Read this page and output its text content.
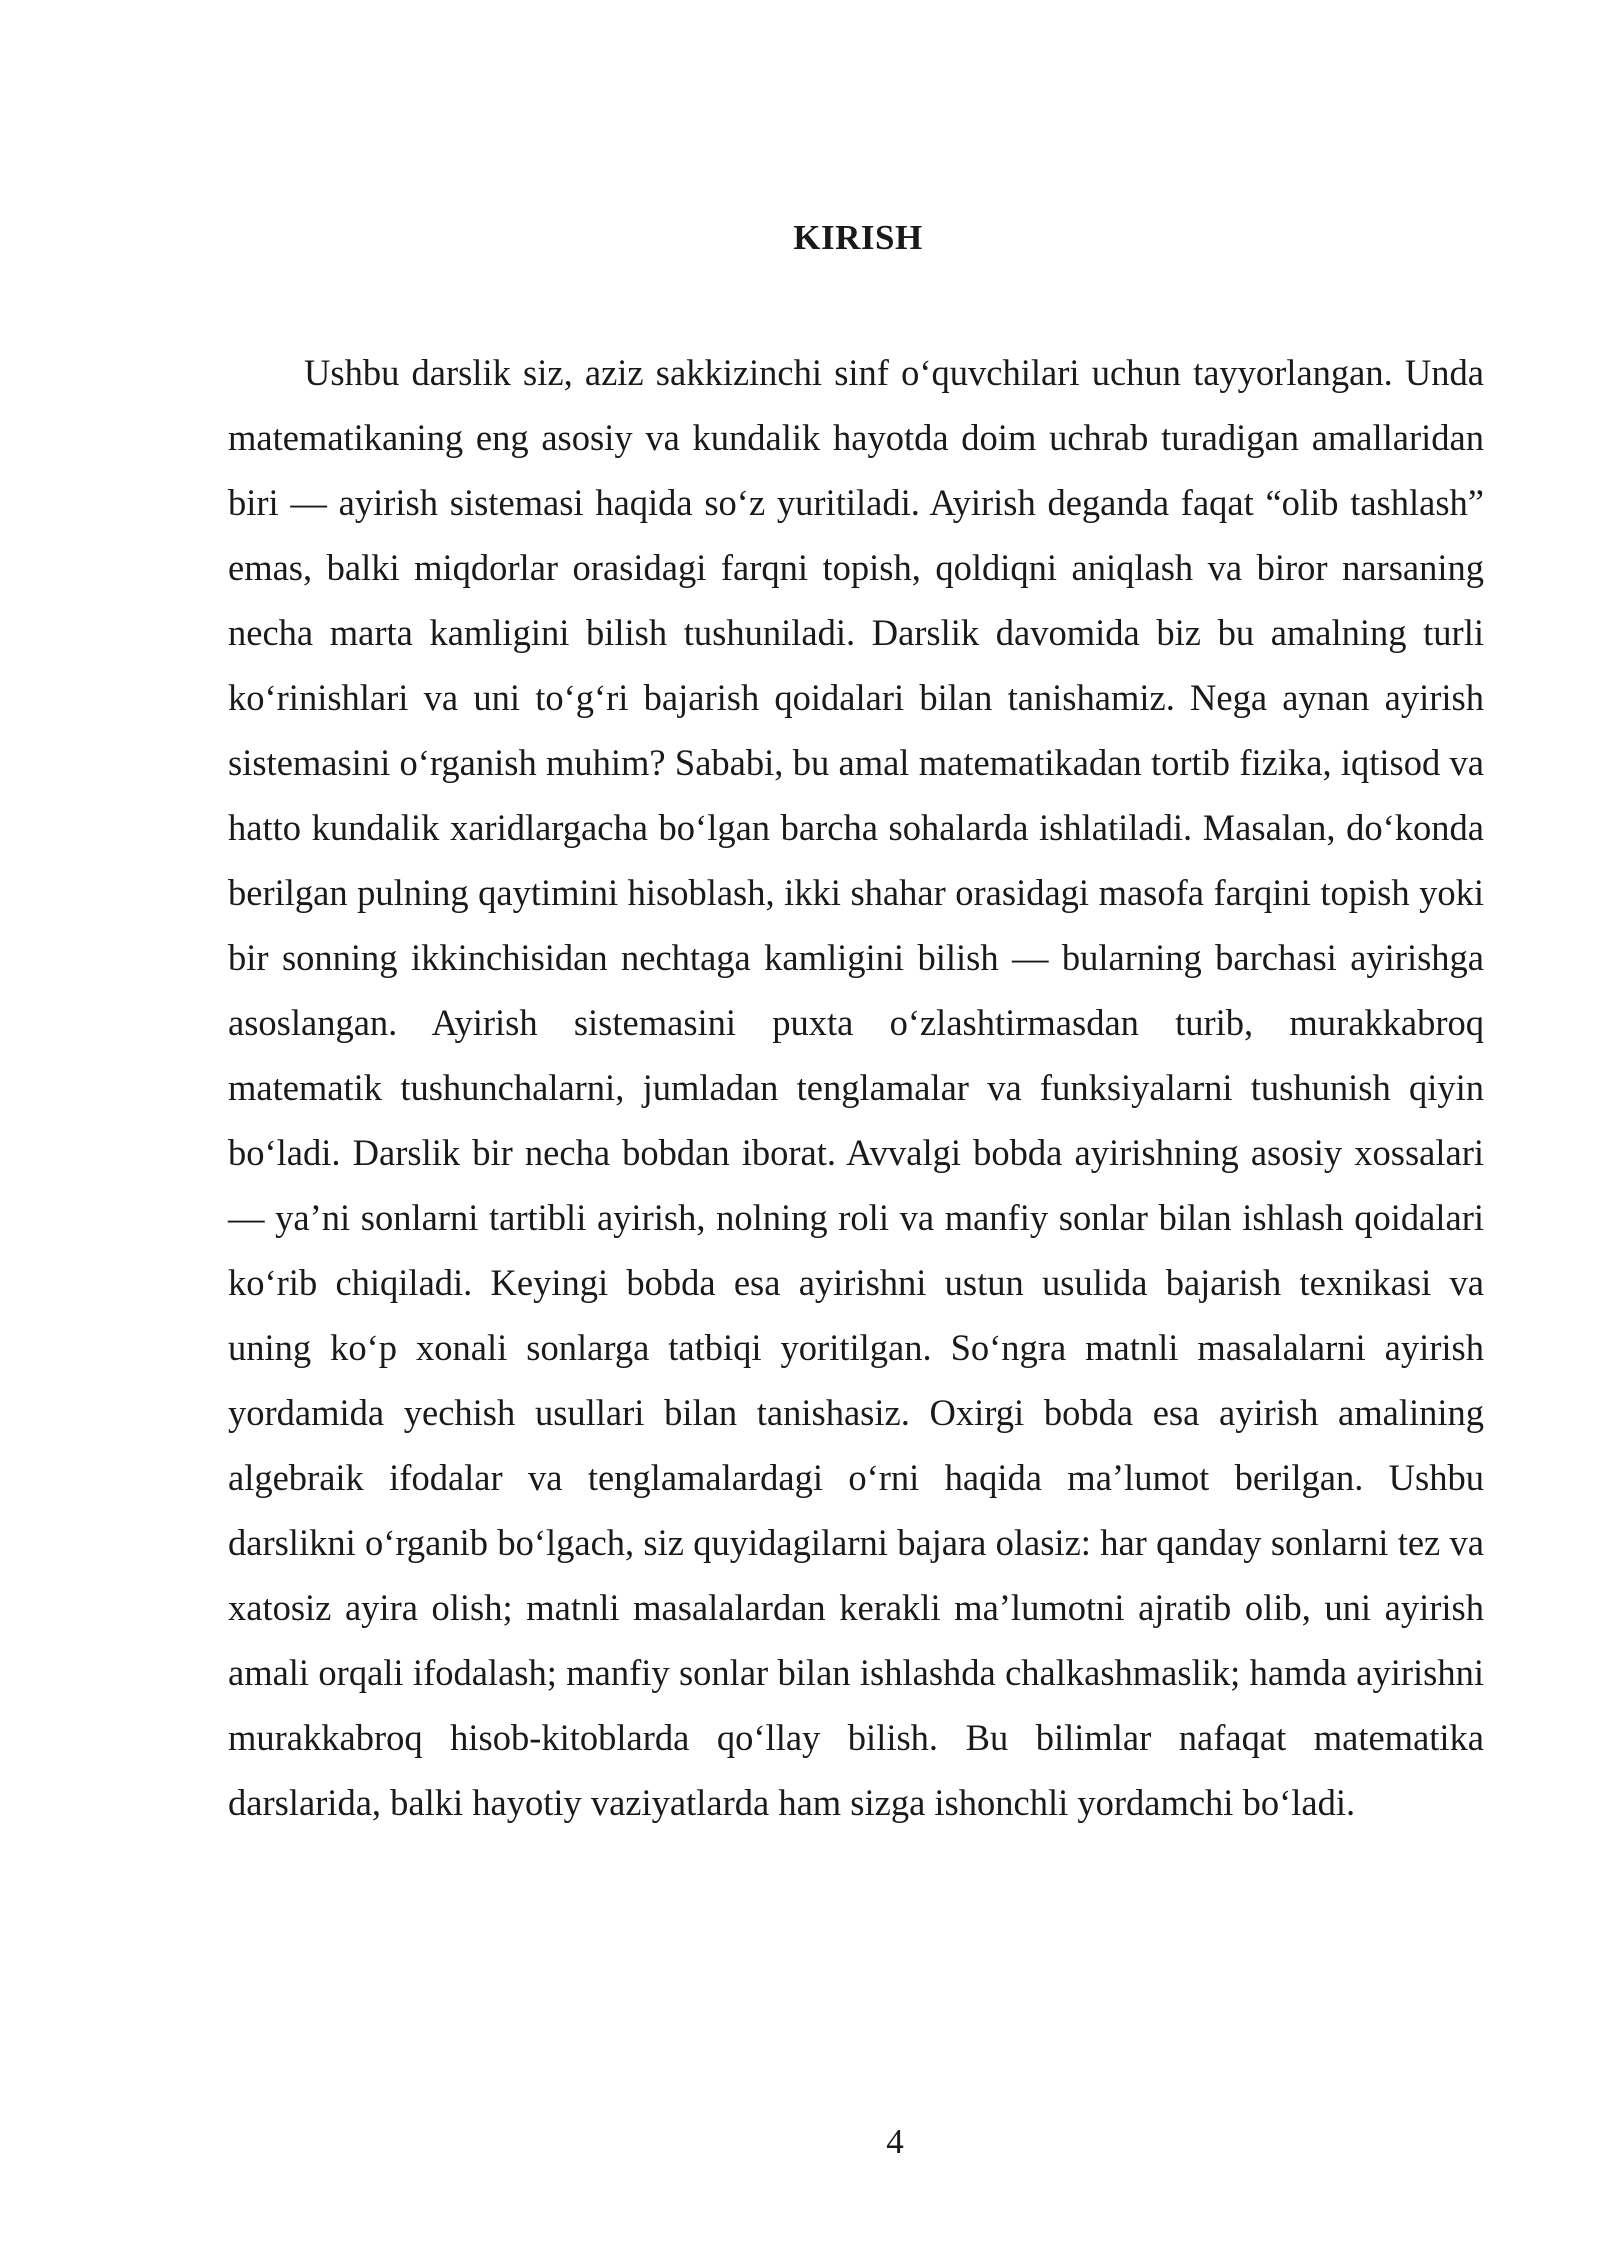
KIRISH

Ushbu darslik siz, aziz sakkizinchi sinf o‘quvchilari uchun tayyorlangan. Unda matematikaning eng asosiy va kundalik hayotda doim uchrab turadigan amallaridan biri — ayirish sistemasi haqida so‘z yuritiladi. Ayirish deganda faqat “olib tashlash” emas, balki miqdorlar orasidagi farqni topish, qoldiqni aniqlash va biror narsaning necha marta kamligini bilish tushuniladi. Darslik davomida biz bu amalning turli ko‘rinishlari va uni to‘g‘ri bajarish qoidalari bilan tanishamiz. Nega aynan ayirish sistemasini o‘rganish muhim? Sababi, bu amal matematikadan tortib fizika, iqtisod va hatto kundalik xaridlargacha bo‘lgan barcha sohalarda ishlatiladi. Masalan, do‘konda berilgan pulning qaytimini hisoblash, ikki shahar orasidagi masofa farqini topish yoki bir sonning ikkinchisidan nechtaga kamligini bilish — bularning barchasi ayirishga asoslangan. Ayirish sistemasini puxta o‘zlashtirmasdan turib, murakkabroq matematik tushunchalarni, jumladan tenglamalar va funksiyalarni tushunish qiyin bo‘ladi. Darslik bir necha bobdan iborat. Avvalgi bobda ayirishning asosiy xossalari — ya’ni sonlarni tartibli ayirish, nolning roli va manfiy sonlar bilan ishlash qoidalari ko‘rib chiqiladi. Keyingi bobda esa ayirishni ustun usulida bajarish texnikasi va uning ko‘p xonali sonlarga tatbiqi yoritilgan. So‘ngra matnli masalalarni ayirish yordamida yechish usullari bilan tanishasiz. Oxirgi bobda esa ayirish amalining algebraik ifodalar va tenglamalardagi o‘rni haqida ma’lumot berilgan. Ushbu darslikni o‘rganib bo‘lgach, siz quyidagilarni bajara olasiz: har qanday sonlarni tez va xatosiz ayira olish; matnli masalalardan kerakli ma’lumotni ajratib olib, uni ayirish amali orqali ifodalash; manfiy sonlar bilan ishlashda chalkashmaslik; hamda ayirishni murakkabroq hisob-kitoblarda qo‘llay bilish. Bu bilimlar nafaqat matematika darslarida, balki hayotiy vaziyatlarda ham sizga ishonchli yordamchi bo‘ladi.

4
